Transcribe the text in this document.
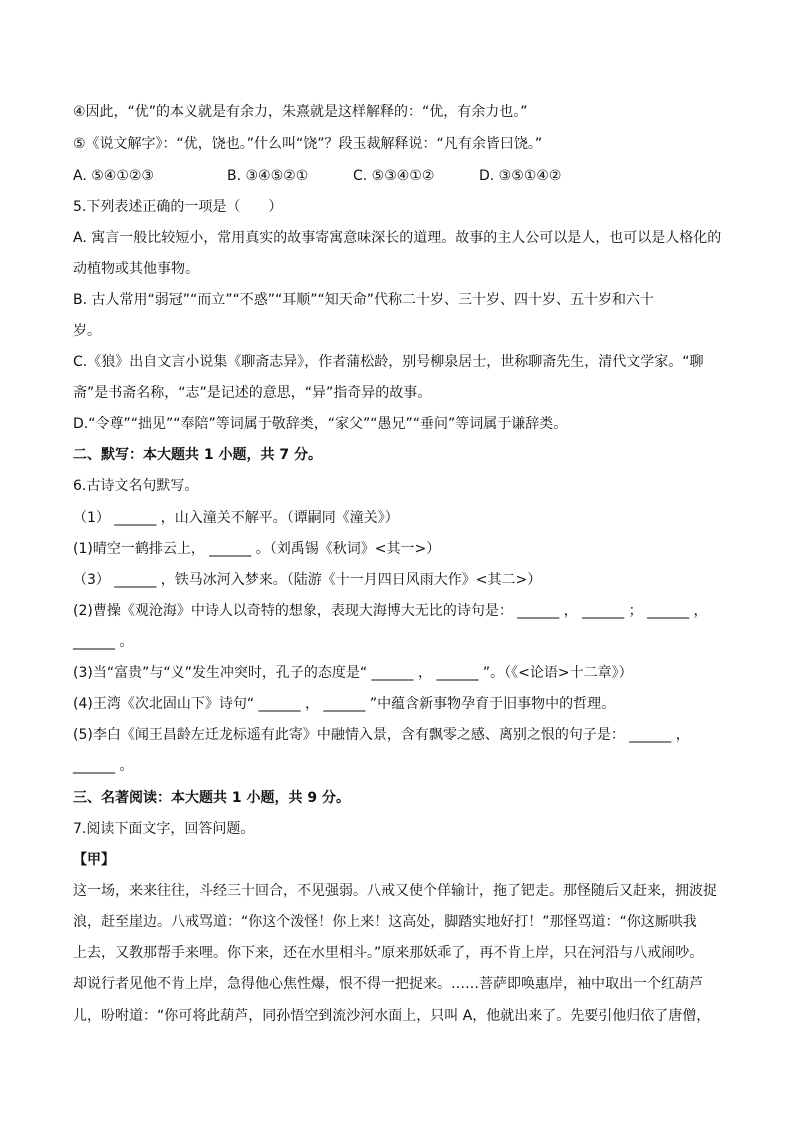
④因此，“优”的本义就是有余力，朱熹就是这样解释的：“优，有余力也。”
⑤《说文解字》：“优，饶也。”什么叫“饶”？段玉裁解释说：“凡有余皆曰饶。”
A. ⑤④①②③	B. ③④⑤②①	C. ⑤③④①②	D. ③⑤①④②
5.下列表述正确的一项是（　　）
A. 寓言一般比较短小，常用真实的故事寄寓意味深长的道理。故事的主人公可以是人，也可以是人格化的
动植物或其他事物。
B. 古人常用“弱冠”“而立”“不惑”“耳顺”“知天命”代称二十岁、三十岁、四十岁、五十岁和六十
岁。
C.《狼》出自文言小说集《聊斋志异》，作者蒲松龄，别号柳泉居士，世称聊斋先生，清代文学家。“聊
斋”是书斋名称，“志”是记述的意思，“异”指奇异的故事。
D.“令尊”“拙见”“奉陪”等词属于敬辞类，“家父”“愚兄”“垂问”等词属于谦辞类。
二、默写：本大题共 1 小题，共 7 分。
6.古诗文名句默写。
（1） ______ ，山入潼关不解平。（谭嗣同《潼关》）
(1)晴空一鹤排云上， ______ 。（刘禹锡《秋词》<其一>）
（3） ______ ，铁马冰河入梦来。（陆游《十一月四日风雨大作》<其二>）
(2)曹操《观沧海》中诗人以奇特的想象，表现大海博大无比的诗句是： ______ ， ______ ； ______ ，
______ 。
(3)当“富贵”与“义”发生冲突时，孔子的态度是“ ______ ， ______ ”。（《<论语>十二章》）
(4)王湾《次北固山下》诗句“ ______ ， ______ ”中蕴含新事物孕育于旧事物中的哲理。
(5)李白《闻王昌龄左迁龙标遥有此寄》中融情入景，含有飘零之感、离别之恨的句子是： ______ ，
______ 。
三、名著阅读：本大题共 1 小题，共 9 分。
7.阅读下面文字，回答问题。
【甲】
这一场，来来往往，斗经三十回合，不见强弱。八戒又使个佯输计，拖了钯走。那怪随后又赶来，拥波捉
浪，赶至崖边。八戒骂道：“你这个泼怪！你上来！这高处，脚踏实地好打！”那怪骂道：“你这厮哄我
上去，又教那帮手来哩。你下来，还在水里相斗。”原来那妖乖了，再不肯上岸，只在河沿与八戒闹吵。
却说行者见他不肯上岸，急得他心焦性爆，恨不得一把捉来。……菩萨即唤惠岸，袖中取出一个红葫芦
儿，吩咐道：“你可将此葫芦，同孙悟空到流沙河水面上，只叫 A，他就出来了。先要引他归依了唐僧，
